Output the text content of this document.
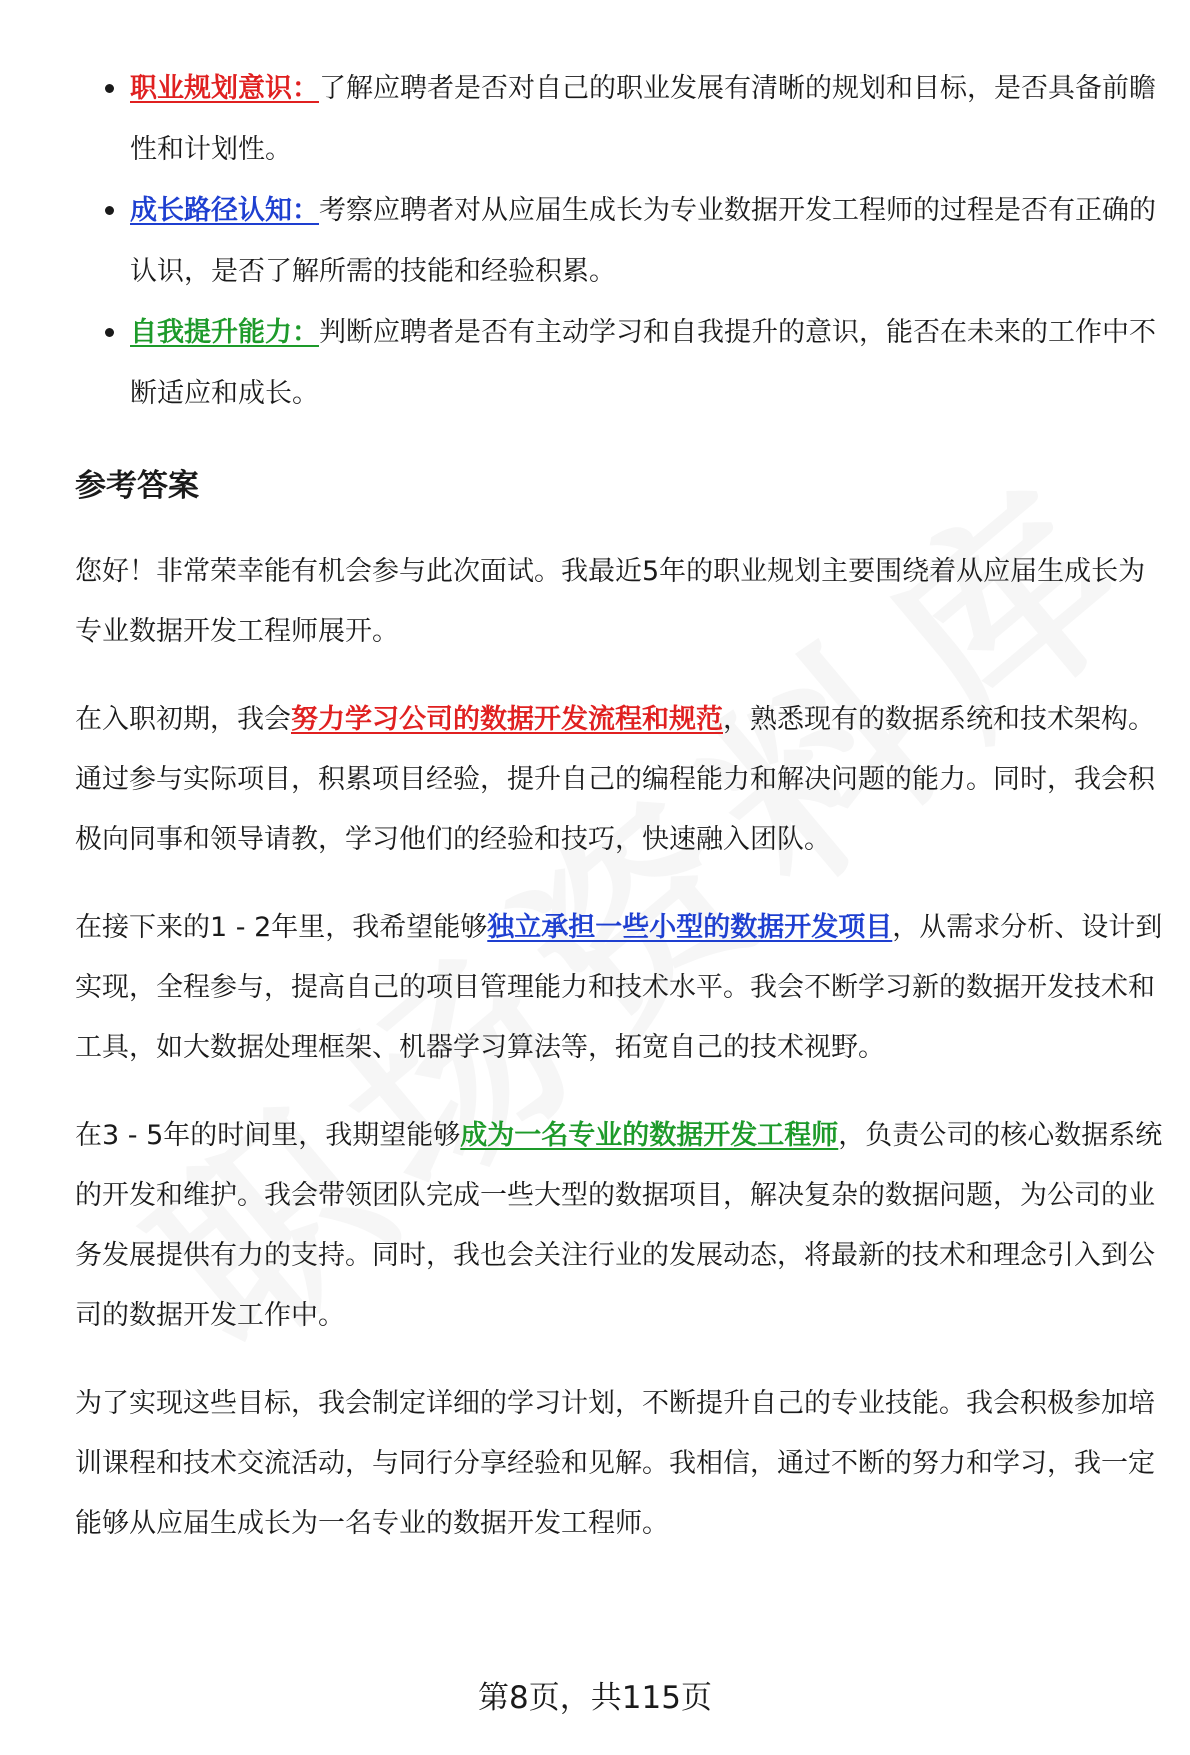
职业规划意识：了解应聘者是否对自己的职业发展有清晰的规划和目标，是否具备前瞻性和计划性。
成长路径认知：考察应聘者对从应届生成长为专业数据开发工程师的过程是否有正确的认识，是否了解所需的技能和经验积累。
自我提升能力：判断应聘者是否有主动学习和自我提升的意识，能否在未来的工作中不断适应和成长。
参考答案

您好！非常荣幸能有机会参与此次面试。我最近5年的职业规划主要围绕着从应届生成长为专业数据开发工程师展开。

在入职初期，我会努力学习公司的数据开发流程和规范，熟悉现有的数据系统和技术架构。通过参与实际项目，积累项目经验，提升自己的编程能力和解决问题的能力。同时，我会积极向同事和领导请教，学习他们的经验和技巧，快速融入团队。

在接下来的1 - 2年里，我希望能够独立承担一些小型的数据开发项目，从需求分析、设计到实现，全程参与，提高自己的项目管理能力和技术水平。我会不断学习新的数据开发技术和工具，如大数据处理框架、机器学习算法等，拓宽自己的技术视野。

在3 - 5年的时间里，我期望能够成为一名专业的数据开发工程师，负责公司的核心数据系统的开发和维护。我会带领团队完成一些大型的数据项目，解决复杂的数据问题，为公司的业务发展提供有力的支持。同时，我也会关注行业的发展动态，将最新的技术和理念引入到公司的数据开发工作中。

为了实现这些目标，我会制定详细的学习计划，不断提升自己的专业技能。我会积极参加培训课程和技术交流活动，与同行分享经验和见解。我相信，通过不断的努力和学习，我一定能够从应届生成长为一名专业的数据开发工程师。

第8页，共115页
